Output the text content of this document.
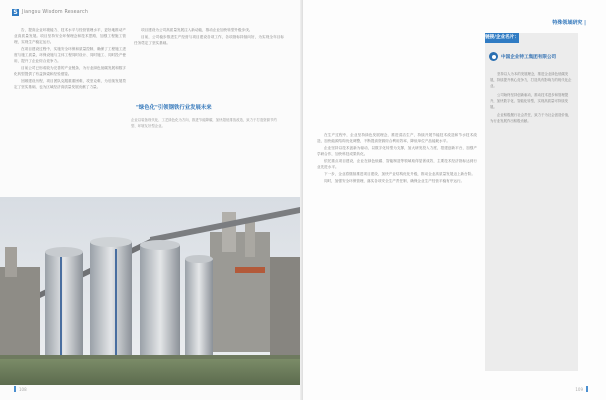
S Jiangsu Wisdom Research

告，提高企业环境能力、技术水平与经营管理水平，更好地推动产业高质量发展。项目坚持安全环保理念和技术思路，加强工程施工管理，实现生产稳定运行。

在项目建设过程中，实施安全环保和质量控制，确保了工程施工进度与施工质量，环保设施与主体工程同时设计、同时施工、同时投产使用，提升了企业综合竞争力。

目前公司已形成较为完善的产业链条，为行业绿色低碳发展和数字化转型提供了有益探索和经验借鉴。

回顾建设历程，项目团队克服重重困难，攻坚克难，为后续发展奠定了坚实基础，也为区域经济高质量发展贡献了力量。

项目建设为公司高质量发展注入新动能，推动企业加快转型升级步伐。

目前，公司稳步推进生产经营与项目建设各项工作，各项指标持续向好，为实现全年目标任务奠定了坚实基础。

"绿色化"引领钢铁行业发展未来
企业以装备现代化、工艺绿色化为方向，推进节能降碳，加快超低排放改造，致力于打造资源节约型、环境友好型企业。
108
特殊领域研究 |

在生产过程中，企业坚持绿色发展理念，推进清洁生产，持续开展节能技术改造和节水技术改造，加快能源结构优化调整，不断提高资源综合利用效率，降低单位产品能耗水平。

企业坚持以技术创新为驱动，以数字化转型为支撑，加大研发投入力度，搭建创新平台，加强产学研合作，加快科技成果转化。

依托重点项目建设，企业在绿色低碳、智能制造等领域取得显著成效，主要技术经济指标达到行业先进水平。

下一步，企业将继续推进项目建设，加快产业结构优化升级，推动企业高质量发展迈上新台阶。

同时，加强安全环保管理，落实各项安全生产责任制，确保企业生产经营平稳有序运行。

链接/企业名片：
中国企业特工集团有限公司

坚持以人为本的发展理念，推进企业绿色低碳发展，持续提升核心竞争力，打造具有影响力的现代化企业。

公司始终坚持创新驱动，推动技术进步和管理提升，加快数字化、智能化转型，实现高质量可持续发展。

企业积极履行社会责任，致力于为社会创造价值，为行业发展作出积极贡献。

109
